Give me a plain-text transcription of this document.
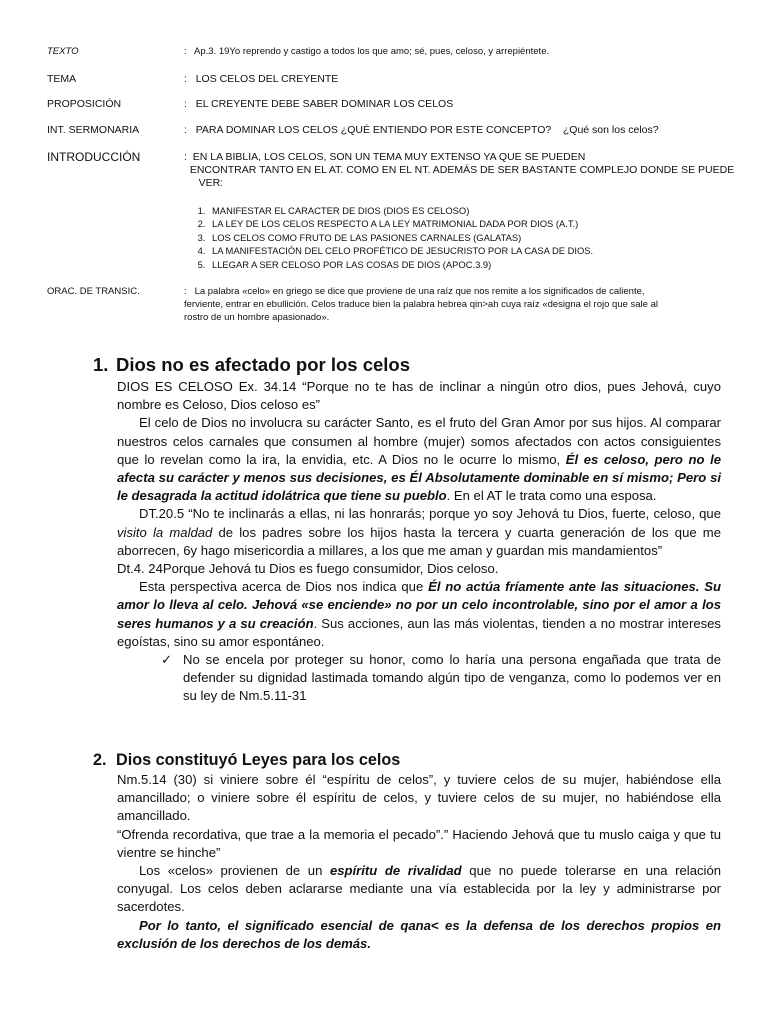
TEXTO	: Ap.3. 19Yo reprendo y castigo a todos los que amo; sé, pues, celoso, y arrepiéntete.
TEMA	: LOS CELOS DEL CREYENTE
PROPOSICIÓN	: EL CREYENTE DEBE SABER DOMINAR LOS CELOS
INT. SERMONARIA	: PARA DOMINAR LOS CELOS ¿QUÉ ENTIENDO POR ESTE CONCEPTO? ¿Qué son los celos?
INTRODUCCIÓN	: EN LA BIBLIA, LOS CELOS, SON UN TEMA MUY EXTENSO YA QUE SE PUEDEN
ENCONTRAR TANTO EN EL AT. COMO EN EL NT. ADEMÁS DE SER BASTANTE COMPLEJO DONDE SE PUEDE
VER:
1. MANIFESTAR EL CARACTER DE DIOS (DIOS ES CELOSO)
2. LA LEY DE LOS CELOS RESPECTO A LA LEY MATRIMONIAL DADA POR DIOS (A.T.)
3. LOS CELOS COMO FRUTO DE LAS PASIONES CARNALES (GALATAS)
4. LA MANIFESTACIÓN DEL CELO PROFÉTICO DE JESUCRISTO POR LA CASA DE DIOS.
5. LLEGAR A SER CELOSO POR LAS COSAS DE DIOS (APOC.3.9)
ORAC. DE TRANSIC.	: La palabra «celo» en griego se dice que proviene de una raíz que nos remite a los significados de caliente,
ferviente, entrar en ebullición. Celos traduce bien la palabra hebrea qin>ah cuya raíz «designa el rojo que sale al
rostro de un hombre apasionado».
1. Dios no es afectado por los celos

DIOS ES CELOSO Ex. 34.14 “Porque no te has de inclinar a ningún otro dios, pues Jehová, cuyo nombre es Celoso, Dios celoso es”

El celo de Dios no involucra su carácter Santo, es el fruto del Gran Amor por sus hijos. Al comparar nuestros celos carnales que consumen al hombre (mujer) somos afectados con actos consiguientes que lo revelan como la ira, la envidia, etc. A Dios no le ocurre lo mismo, Él es celoso, pero no le afecta su carácter y menos sus decisiones, es Él Absolutamente dominable en sí mismo; Pero si le desagrada la actitud idolátrica que tiene su pueblo. En el AT le trata como una esposa.

DT.20.5 “No te inclinarás a ellas, ni las honrarás; porque yo soy Jehová tu Dios, fuerte, celoso, que visito la maldad de los padres sobre los hijos hasta la tercera y cuarta generación de los que me aborrecen, 6y hago misericordia a millares, a los que me aman y guardan mis mandamientos”

Dt.4. 24Porque Jehová tu Dios es fuego consumidor, Dios celoso.

Esta perspectiva acerca de Dios nos indica que Él no actúa fríamente ante las situaciones. Su amor lo lleva al celo. Jehová «se enciende» no por un celo incontrolable, sino por el amor a los seres humanos y a su creación. Sus acciones, aun las más violentas, tienden a no mostrar intereses egoístas, sino su amor espontáneo.

✓ No se encela por proteger su honor, como lo haría una persona engañada que trata de defender su dignidad lastimada tomando algún tipo de venganza, como lo podemos ver en su ley de Nm.5.11-31

2. Dios constituyó Leyes para los celos

Nm.5.14 (30) si viniere sobre él “espíritu de celos”, y tuviere celos de su mujer, habiéndose ella amancillado; o viniere sobre él espíritu de celos, y tuviere celos de su mujer, no habiéndose ella amancillado.

“Ofrenda recordativa, que trae a la memoria el pecado”.” Haciendo Jehová que tu muslo caiga y que tu vientre se hinche”

Los «celos» provienen de un espíritu de rivalidad que no puede tolerarse en una relación conyugal. Los celos deben aclararse mediante una vía establecida por la ley y administrarse por sacerdotes.

Por lo tanto, el significado esencial de qana< es la defensa de los derechos propios en exclusión de los derechos de los demás.
